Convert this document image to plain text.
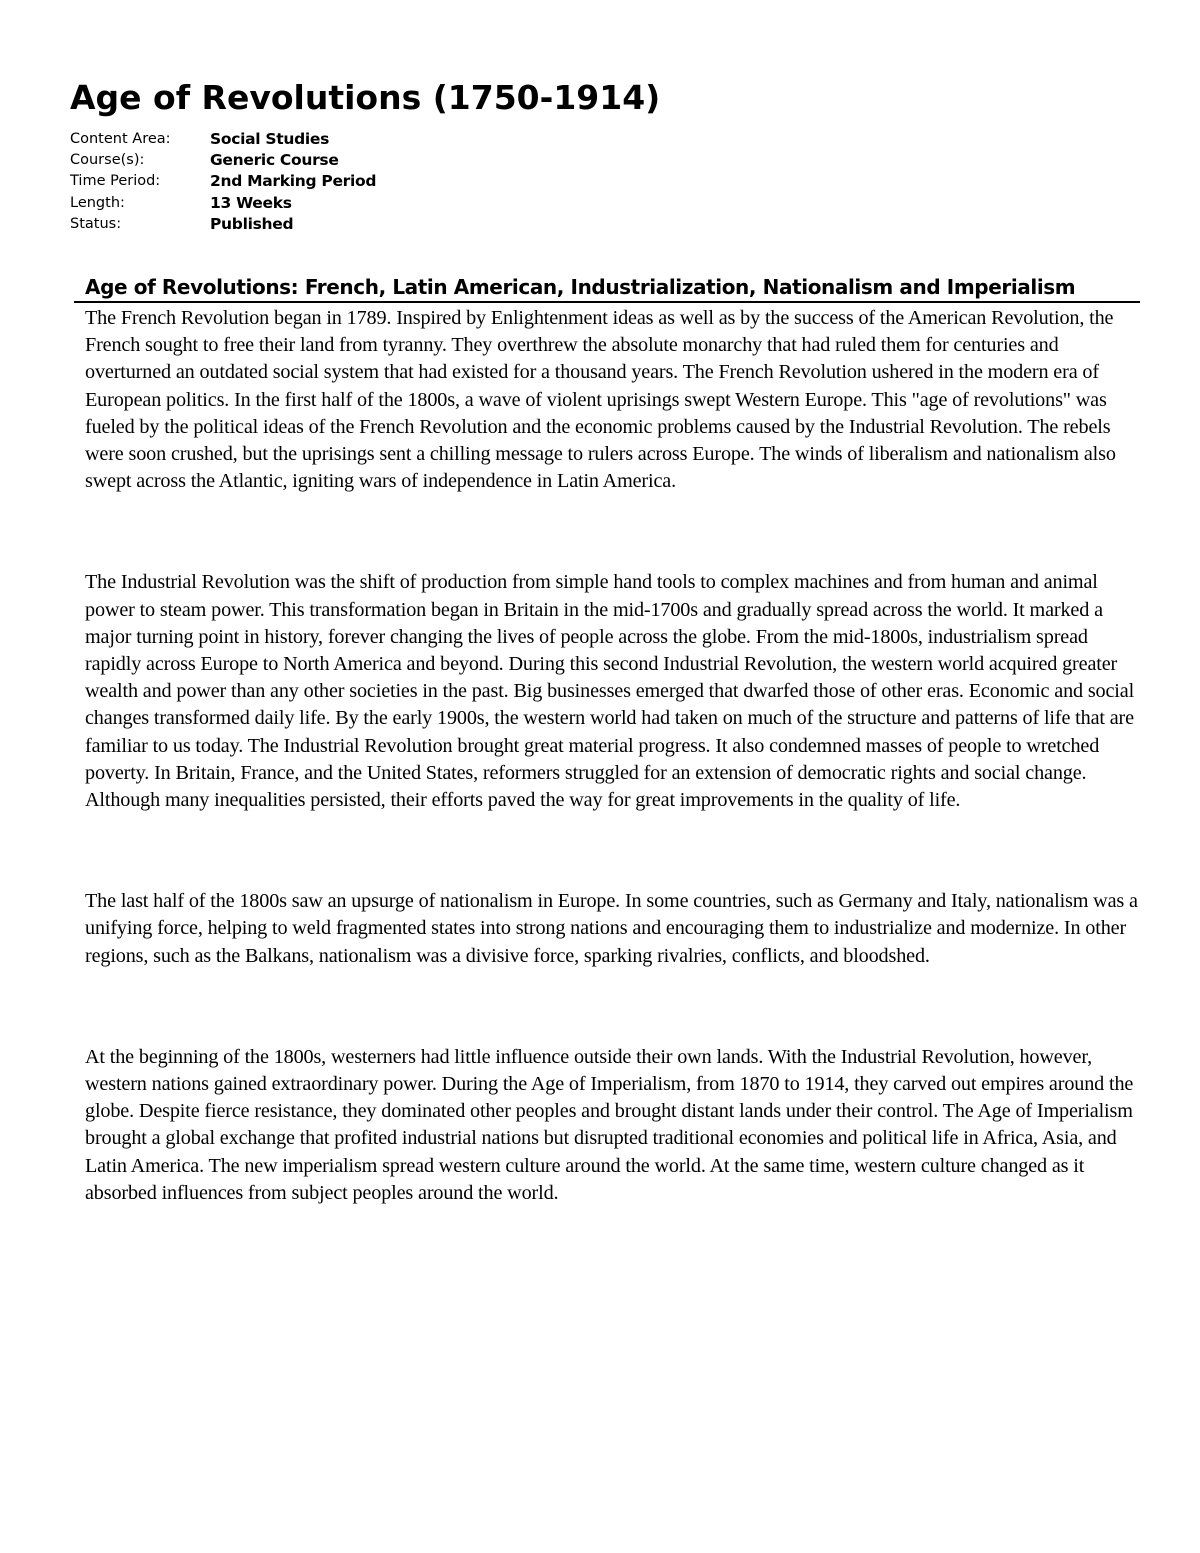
Age of Revolutions (1750-1914)
Content Area:	Social Studies
Course(s):	Generic Course
Time Period:	2nd Marking Period
Length:	13 Weeks
Status:	Published
Age of Revolutions: French, Latin American, Industrialization, Nationalism and Imperialism

The French Revolution began in 1789. Inspired by Enlightenment ideas as well as by the success of the American Revolution, the French sought to free their land from tyranny. They overthrew the absolute monarchy that had ruled them for centuries and overturned an outdated social system that had existed for a thousand years. The French Revolution ushered in the modern era of European politics. In the first half of the 1800s, a wave of violent uprisings swept Western Europe. This "age of revolutions" was fueled by the political ideas of the French Revolution and the economic problems caused by the Industrial Revolution. The rebels were soon crushed, but the uprisings sent a chilling message to rulers across Europe. The winds of liberalism and nationalism also swept across the Atlantic, igniting wars of independence in Latin America.

The Industrial Revolution was the shift of production from simple hand tools to complex machines and from human and animal power to steam power. This transformation began in Britain in the mid-1700s and gradually spread across the world. It marked a major turning point in history, forever changing the lives of people across the globe. From the mid-1800s, industrialism spread rapidly across Europe to North America and beyond. During this second Industrial Revolution, the western world acquired greater wealth and power than any other societies in the past. Big businesses emerged that dwarfed those of other eras. Economic and social changes transformed daily life. By the early 1900s, the western world had taken on much of the structure and patterns of life that are familiar to us today. The Industrial Revolution brought great material progress. It also condemned masses of people to wretched poverty. In Britain, France, and the United States, reformers struggled for an extension of democratic rights and social change. Although many inequalities persisted, their efforts paved the way for great improvements in the quality of life.

The last half of the 1800s saw an upsurge of nationalism in Europe. In some countries, such as Germany and Italy, nationalism was a unifying force, helping to weld fragmented states into strong nations and encouraging them to industrialize and modernize. In other regions, such as the Balkans, nationalism was a divisive force, sparking rivalries, conflicts, and bloodshed.

At the beginning of the 1800s, westerners had little influence outside their own lands. With the Industrial Revolution, however, western nations gained extraordinary power. During the Age of Imperialism, from 1870 to 1914, they carved out empires around the globe. Despite fierce resistance, they dominated other peoples and brought distant lands under their control. The Age of Imperialism brought a global exchange that profited industrial nations but disrupted traditional economies and political life in Africa, Asia, and Latin America. The new imperialism spread western culture around the world. At the same time, western culture changed as it absorbed influences from subject peoples around the world.
